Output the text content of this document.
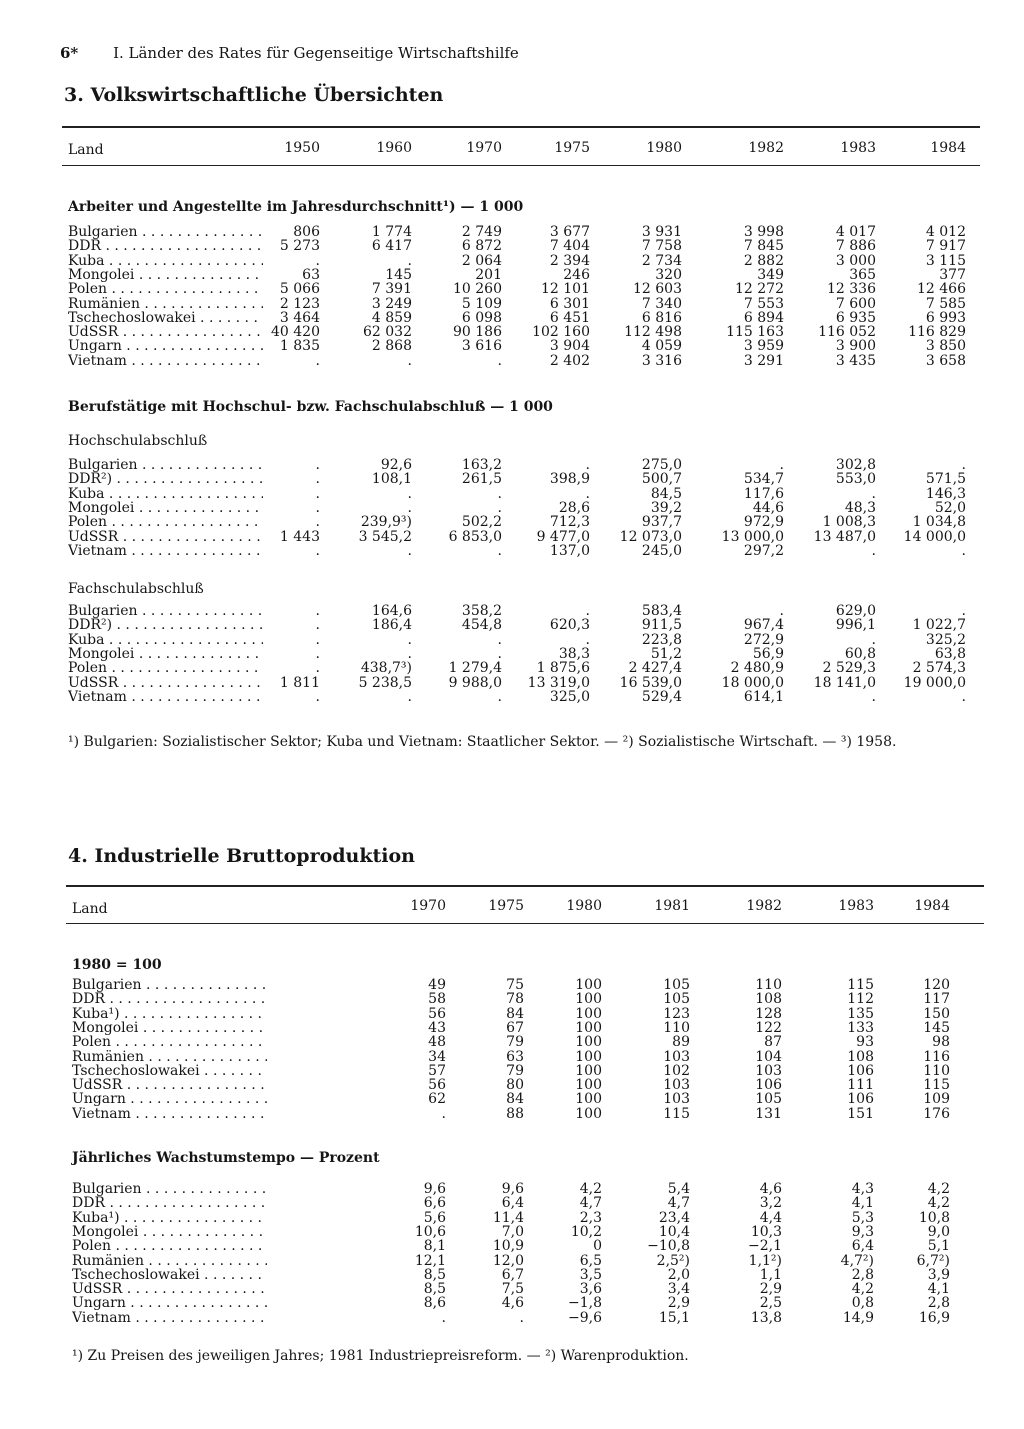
6* I. Länder des Rates für Gegenseitige Wirtschaftshilfe
3. Volkswirtschaftliche Übersichten
Land	1950	1960	1970	1975	1980	1982	1983	1984
Arbeiter und Angestellte im Jahresdurchschnitt¹) — 1 000
Bulgarien . . .	806	1 774	2 749	3 677	3 931	3 998	4 017	4 012
DDR . . .	5 273	6 417	6 872	7 404	7 758	7 845	7 886	7 917
Kuba . . .	.	.	2 064	2 394	2 734	2 882	3 000	3 115
Mongolei . . .	63	145	201	246	320	349	365	377
Polen . . .	5 066	7 391	10 260	12 101	12 603	12 272	12 336	12 466
Rumänien . . .	2 123	3 249	5 109	6 301	7 340	7 553	7 600	7 585
Tschechoslowakei . . .	3 464	4 859	6 098	6 451	6 816	6 894	6 935	6 993
UdSSR . . .	40 420	62 032	90 186	102 160	112 498	115 163	116 052	116 829
Ungarn . . .	1 835	2 868	3 616	3 904	4 059	3 959	3 900	3 850
Vietnam . . .	.	.	.	2 402	3 316	3 291	3 435	3 658
Berufstätige mit Hochschul- bzw. Fachschulabschluß — 1 000
Hochschulabschluß
Bulgarien . . .	.	92,6	163,2	.	275,0	.	302,8	.
DDR²) . . .	.	108,1	261,5	398,9	500,7	534,7	553,0	571,5
Kuba . . .	.	.	.	.	84,5	117,6	.	146,3
Mongolei . . .	.	.	.	28,6	39,2	44,6	48,3	52,0
Polen . . .	.	239,9³)	502,2	712,3	937,7	972,9	1 008,3	1 034,8
UdSSR . . .	1 443	3 545,2	6 853,0	9 477,0	12 073,0	13 000,0	13 487,0	14 000,0
Vietnam . . .	.	.	.	137,0	245,0	297,2	.	.
Fachschulabschluß
Bulgarien . . .	.	164,6	358,2	.	583,4	.	629,0	.
DDR²) . . .	.	186,4	454,8	620,3	911,5	967,4	996,1	1 022,7
Kuba . . .	.	.	.	.	223,8	272,9	.	325,2
Mongolei . . .	.	.	.	38,3	51,2	56,9	60,8	63,8
Polen . . .	.	438,7³)	1 279,4	1 875,6	2 427,4	2 480,9	2 529,3	2 574,3
UdSSR . . .	1 811	5 238,5	9 988,0	13 319,0	16 539,0	18 000,0	18 141,0	19 000,0
Vietnam . . .	.	.	.	325,0	529,4	614,1	.	.
¹) Bulgarien: Sozialistischer Sektor; Kuba und Vietnam: Staatlicher Sektor. — ²) Sozialistische Wirtschaft. — ³) 1958.
4. Industrielle Bruttoproduktion
Land	1970	1975	1980	1981	1982	1983	1984
1980 = 100
Bulgarien . . .	49	75	100	105	110	115	120
DDR . . .	58	78	100	105	108	112	117
Kuba¹) . . .	56	84	100	123	128	135	150
Mongolei . . .	43	67	100	110	122	133	145
Polen . . .	48	79	100	89	87	93	98
Rumänien . . .	34	63	100	103	104	108	116
Tschechoslowakei . . .	57	79	100	102	103	106	110
UdSSR . . .	56	80	100	103	106	111	115
Ungarn . . .	62	84	100	103	105	106	109
Vietnam . . .	.	88	100	115	131	151	176
Jährliches Wachstumstempo — Prozent
Bulgarien . . .	9,6	9,6	4,2	5,4	4,6	4,3	4,2
DDR . . .	6,6	6,4	4,7	4,7	3,2	4,1	4,2
Kuba¹) . . .	5,6	11,4	2,3	23,4	4,4	5,3	10,8
Mongolei . . .	10,6	7,0	10,2	10,4	10,3	9,3	9,0
Polen . . .	8,1	10,9	0	−10,8	−2,1	6,4	5,1
Rumänien . . .	12,1	12,0	6,5	2,5²)	1,1²)	4,7²)	6,7²)
Tschechoslowakei . . .	8,5	6,7	3,5	2,0	1,1	2,8	3,9
UdSSR . . .	8,5	7,5	3,6	3,4	2,9	4,2	4,1
Ungarn . . .	8,6	4,6	−1,8	2,9	2,5	0,8	2,8
Vietnam . . .	.	.	−9,6	15,1	13,8	14,9	16,9
¹) Zu Preisen des jeweiligen Jahres; 1981 Industriepreisreform. — ²) Warenproduktion.
